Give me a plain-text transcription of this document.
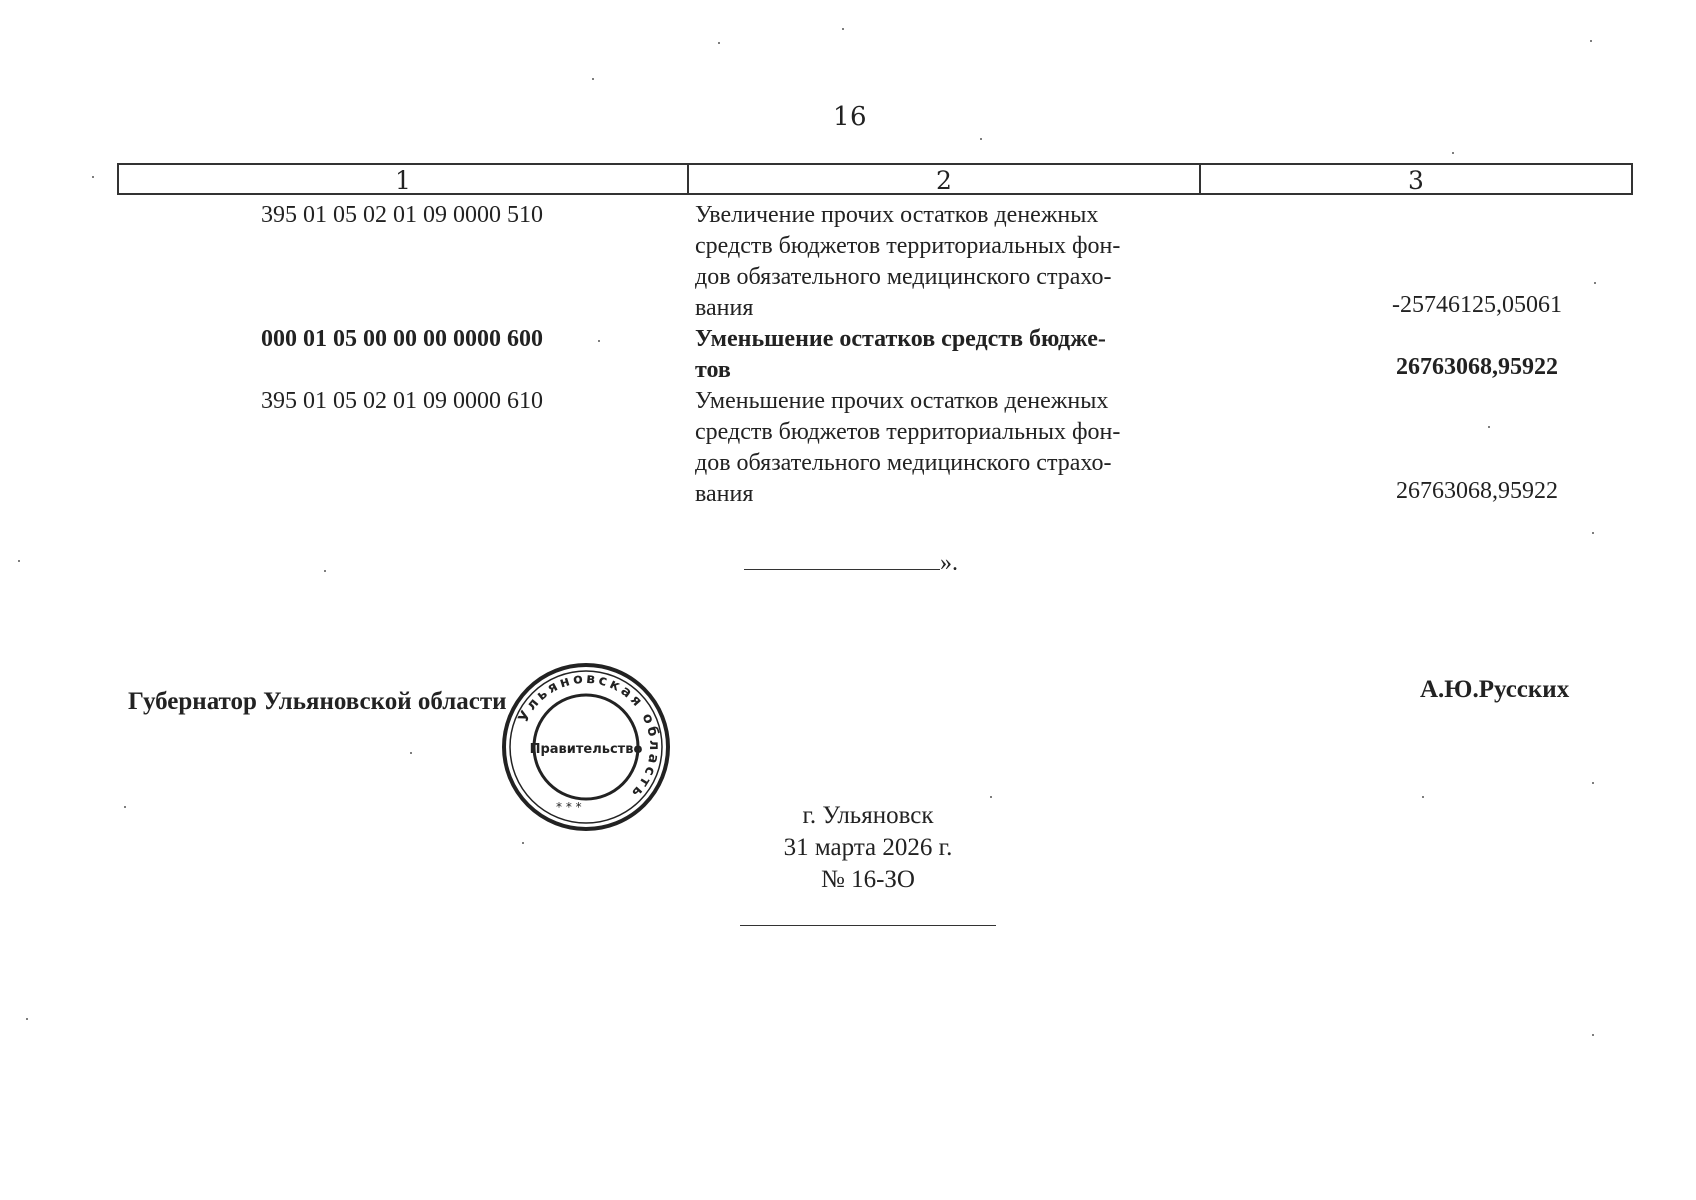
16
1	2	3
395 01 05 02 01 09 0000 510	Увеличение прочих остатков денежных
средств бюджетов территориальных фон-
дов обязательного медицинского страхо-
вания	-25746125,05061
000 01 05 00 00 00 0000 600	Уменьшение остатков средств бюдже-
тов	26763068,95922
395 01 05 02 01 09 0000 610	Уменьшение прочих остатков денежных
средств бюджетов территориальных фон-
дов обязательного медицинского страхо-
вания	26763068,95922
».
Губернатор Ульяновской области	А.Ю.Русских
Ульяновская область
Правительство
* * *	г. Ульяновск
31 марта 2026 г.
№ 16-ЗО
